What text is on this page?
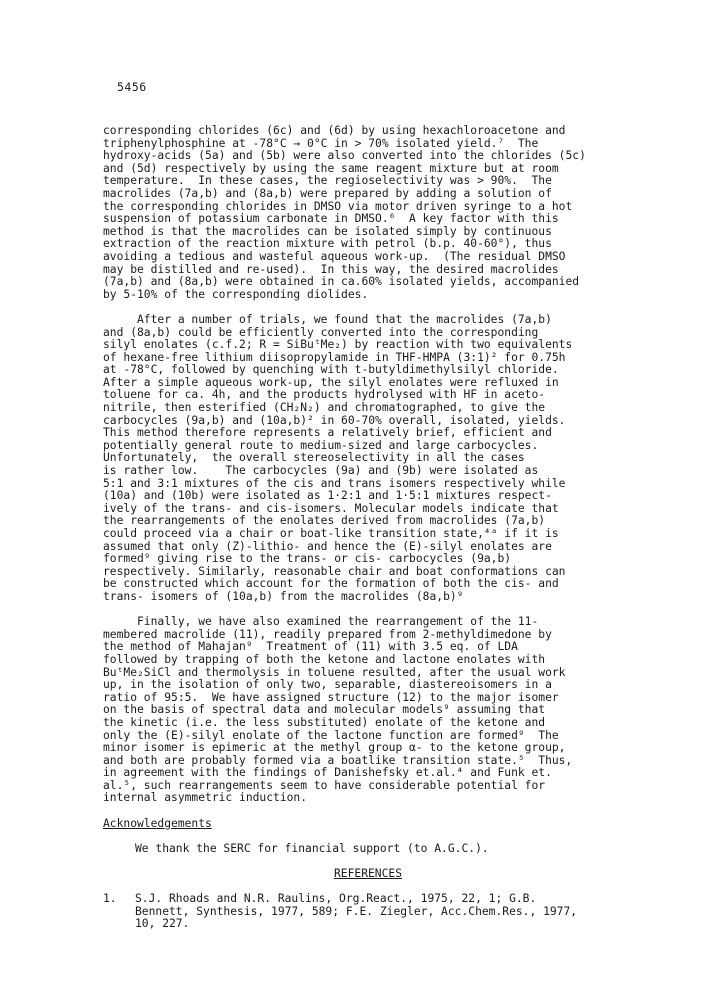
5456
corresponding chlorides (6c) and (6d) by using hexachloroacetone and
triphenylphosphine at -78°C → 0°C in > 70% isolated yield.⁷  The
hydroxy-acids (5a) and (5b) were also converted into the chlorides (5c)
and (5d) respectively by using the same reagent mixture but at room
temperature.  In these cases, the regioselectivity was > 90%.  The
macrolides (7a,b) and (8a,b) were prepared by adding a solution of
the corresponding chlorides in DMSO via motor driven syringe to a hot
suspension of potassium carbonate in DMSO.⁶  A key factor with this
method is that the macrolides can be isolated simply by continuous
extraction of the reaction mixture with petrol (b.p. 40-60°), thus
avoiding a tedious and wasteful aqueous work-up.  (The residual DMSO
may be distilled and re-used).  In this way, the desired macrolides
(7a,b) and (8a,b) were obtained in ca.60% isolated yields, accompanied
by 5-10% of the corresponding diolides.
After a number of trials, we found that the macrolides (7a,b)
and (8a,b) could be efficiently converted into the corresponding
silyl enolates (c.f.2; R = SiBuᵗMe₂) by reaction with two equivalents
of hexane-free lithium diisopropylamide in THF-HMPA (3:1)² for 0.75h
at -78°C, followed by quenching with t-butyldimethylsilyl chloride.
After a simple aqueous work-up, the silyl enolates were refluxed in
toluene for ca. 4h, and the products hydrolysed with HF in aceto-
nitrile, then esterified (CH₂N₂) and chromatographed, to give the
carbocycles (9a,b) and (10a,b)² in 60-70% overall, isolated, yields.
This method therefore represents a relatively brief, efficient and
potentially general route to medium-sized and large carbocycles.
Unfortunately,  the overall stereoselectivity in all the cases
is rather low.    The carbocycles (9a) and (9b) were isolated as
5:1 and 3:1 mixtures of the cis and trans isomers respectively while
(10a) and (10b) were isolated as 1·2:1 and 1·5:1 mixtures respect-
ively of the trans- and cis-isomers. Molecular models indicate that
the rearrangements of the enolates derived from macrolides (7a,b)
could proceed via a chair or boat-like transition state,⁴ᵃ if it is
assumed that only (Z)-lithio- and hence the (E)-silyl enolates are
formed⁹ giving rise to the trans- or cis- carbocycles (9a,b)
respectively. Similarly, reasonable chair and boat conformations can
be constructed which account for the formation of both the cis- and
trans- isomers of (10a,b) from the macrolides (8a,b)⁹
Finally, we have also examined the rearrangement of the 11-
membered macrolide (11), readily prepared from 2-methyldimedone by
the method of Mahajan⁹  Treatment of (11) with 3.5 eq. of LDA
followed by trapping of both the ketone and lactone enolates with
BuᵗMe₂SiCl and thermolysis in toluene resulted, after the usual work
up, in the isolation of only two, separable, diastereoisomers in a
ratio of 95:5.  We have assigned structure (12) to the major isomer
on the basis of spectral data and molecular models⁹ assuming that
the kinetic (i.e. the less substituted) enolate of the ketone and
only the (E)-silyl enolate of the lactone function are formed⁹  The
minor isomer is epimeric at the methyl group α- to the ketone group,
and both are probably formed via a boatlike transition state.⁵  Thus,
in agreement with the findings of Danishefsky et.al.⁴ and Funk et.
al.⁵, such rearrangements seem to have considerable potential for
internal asymmetric induction.
Acknowledgements
We thank the SERC for financial support (to A.G.C.).
REFERENCES
1.	S.J. Rhoads and N.R. Raulins, Org.React., 1975, 22, 1; G.B.
Bennett, Synthesis, 1977, 589; F.E. Ziegler, Acc.Chem.Res., 1977,
10, 227.
